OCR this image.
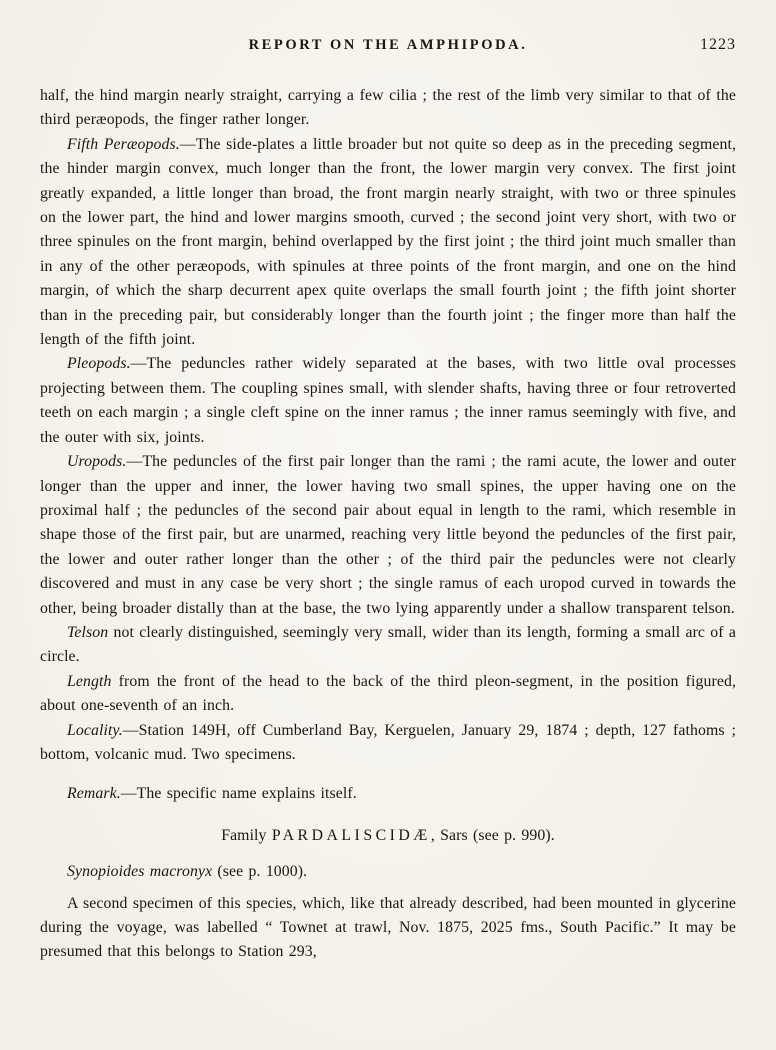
REPORT ON THE AMPHIPODA.	1223

half, the hind margin nearly straight, carrying a few cilia ; the rest of the limb very similar to that of the third peræopods, the finger rather longer.

Fifth Peræopods.—The side-plates a little broader but not quite so deep as in the preceding segment, the hinder margin convex, much longer than the front, the lower margin very convex. The first joint greatly expanded, a little longer than broad, the front margin nearly straight, with two or three spinules on the lower part, the hind and lower margins smooth, curved ; the second joint very short, with two or three spinules on the front margin, behind overlapped by the first joint ; the third joint much smaller than in any of the other peræopods, with spinules at three points of the front margin, and one on the hind margin, of which the sharp decurrent apex quite overlaps the small fourth joint ; the fifth joint shorter than in the preceding pair, but considerably longer than the fourth joint ; the finger more than half the length of the fifth joint.

Pleopods.—The peduncles rather widely separated at the bases, with two little oval processes projecting between them. The coupling spines small, with slender shafts, having three or four retroverted teeth on each margin ; a single cleft spine on the inner ramus ; the inner ramus seemingly with five, and the outer with six, joints.

Uropods.—The peduncles of the first pair longer than the rami ; the rami acute, the lower and outer longer than the upper and inner, the lower having two small spines, the upper having one on the proximal half ; the peduncles of the second pair about equal in length to the rami, which resemble in shape those of the first pair, but are unarmed, reaching very little beyond the peduncles of the first pair, the lower and outer rather longer than the other ; of the third pair the peduncles were not clearly discovered and must in any case be very short ; the single ramus of each uropod curved in towards the other, being broader distally than at the base, the two lying apparently under a shallow transparent telson.

Telson not clearly distinguished, seemingly very small, wider than its length, forming a small arc of a circle.

Length from the front of the head to the back of the third pleon-segment, in the position figured, about one-seventh of an inch.

Locality.—Station 149H, off Cumberland Bay, Kerguelen, January 29, 1874 ; depth, 127 fathoms ; bottom, volcanic mud. Two specimens.

Remark.—The specific name explains itself.

Family PARDALISCIDÆ, Sars (see p. 990).

Synopioides macronyx (see p. 1000).

A second specimen of this species, which, like that already described, had been mounted in glycerine during the voyage, was labelled “ Townet at trawl, Nov. 1875, 2025 fms., South Pacific.” It may be presumed that this belongs to Station 293,
